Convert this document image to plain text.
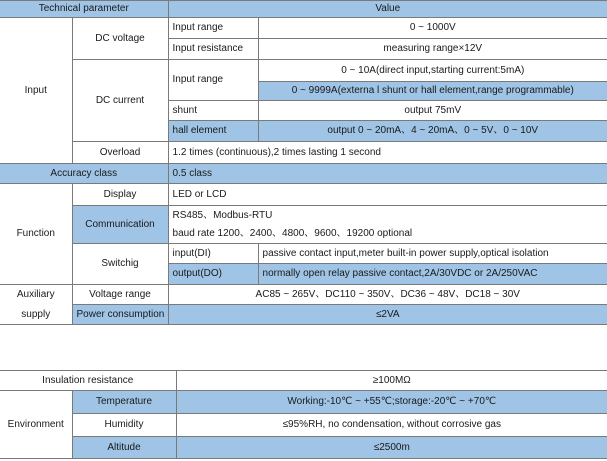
Technical parameter		Value	
Input	DC voltage	Input range	0 ~ 1000V
		Input resistance	measuring range×12V
	DC current	Input range	0 ~ 10A(direct input,starting current:5mA)
			0 ~ 9999A(externa l shunt or hall element,range programmable)
		shunt	output 75mV
		hall element	output 0 ~ 20mA、4 ~ 20mA、0 ~ 5V、0 ~ 10V
	Overload	1.2 times (continuous),2 times lasting 1 second	
Accuracy class		0.5 class	
Function	Display	LED or LCD	
	Communication	RS485、Modbus-RTU	
		baud rate 1200、2400、4800、9600、19200 optional	
	Switchig	input(DI)	passive contact input,meter built-in power supply,optical isolation
		output(DO)	normally open relay passive contact,2A/30VDC or 2A/250VAC
Auxiliary	Voltage range	AC85 ~ 265V、DC110 ~ 350V、DC36 ~ 48V、DC18 ~ 30V	
supply	Power consumption	≤2VA	
Insulation resistance		≥100MΩ
Environment	Temperature	Working:-10℃ ~ +55℃;storage:-20℃ ~ +70℃
	Humidity	≤95%RH, no condensation, without corrosive gas
	Altitude	≤2500m
